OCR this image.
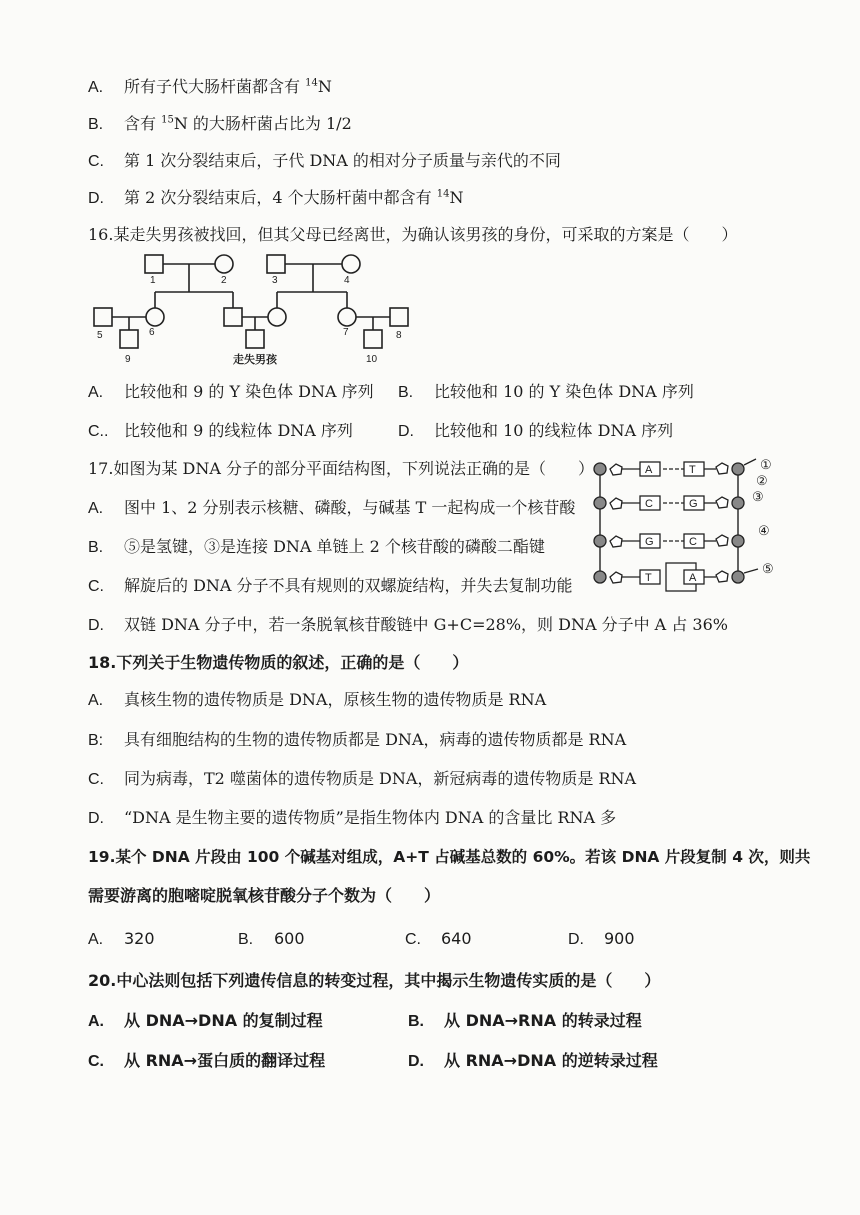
A. 所有子代大肠杆菌都含有 $^{14}$N
B. 含有 $^{15}$N 的大肠杆菌占比为 1/2
C. 第 1 次分裂结束后，子代 DNA 的相对分子质量与亲代的不同
D. 第 2 次分裂结束后，4 个大肠杆菌中都含有 $^{14}$N
16.某走失男孩被找回，但其父母已经离世，为确认该男孩的身份，可采取的方案是（　　）
1	2	3	4
5	6	7	8
9	10
走失男孩
A. 比较他和 9 的 Y 染色体 DNA 序列 B. 比较他和 10 的 Y 染色体 DNA 序列
C.. 比较他和 9 的线粒体 DNA 序列	D. 比较他和 10 的线粒体 DNA 序列
17.如图为某 DNA 分子的部分平面结构图，下列说法正确的是（　　）	A	T
C	G
G	C
T	A
①
②
③
④
⑤
A. 图中 1、2 分别表示核糖、磷酸，与碱基 T 一起构成一个核苷酸
B. ⑤是氢键，③是连接 DNA 单链上 2 个核苷酸的磷酸二酯键
C. 解旋后的 DNA 分子不具有规则的双螺旋结构，并失去复制功能
D. 双链 DNA 分子中，若一条脱氧核苷酸链中 G+C=28%，则 DNA 分子中 A 占 36%
18.下列关于生物遗传物质的叙述，正确的是（　　）
A. 真核生物的遗传物质是 DNA，原核生物的遗传物质是 RNA
B: 具有细胞结构的生物的遗传物质都是 DNA，病毒的遗传物质都是 RNA
C. 同为病毒，T2 噬菌体的遗传物质是 DNA，新冠病毒的遗传物质是 RNA
D. “DNA 是生物主要的遗传物质”是指生物体内 DNA 的含量比 RNA 多
19.某个 DNA 片段由 100 个碱基对组成，A+T 占碱基总数的 60%。若该 DNA 片段复制 4 次，则共
需要游离的胞嘧啶脱氧核苷酸分子个数为（　　）
A. 320	B. 600	C. 640	D. 900
20.中心法则包括下列遗传信息的转变过程，其中揭示生物遗传实质的是（　　）
A. 从 DNA→DNA 的复制过程	B. 从 DNA→RNA 的转录过程
C. 从 RNA→蛋白质的翻译过程	D. 从 RNA→DNA 的逆转录过程
